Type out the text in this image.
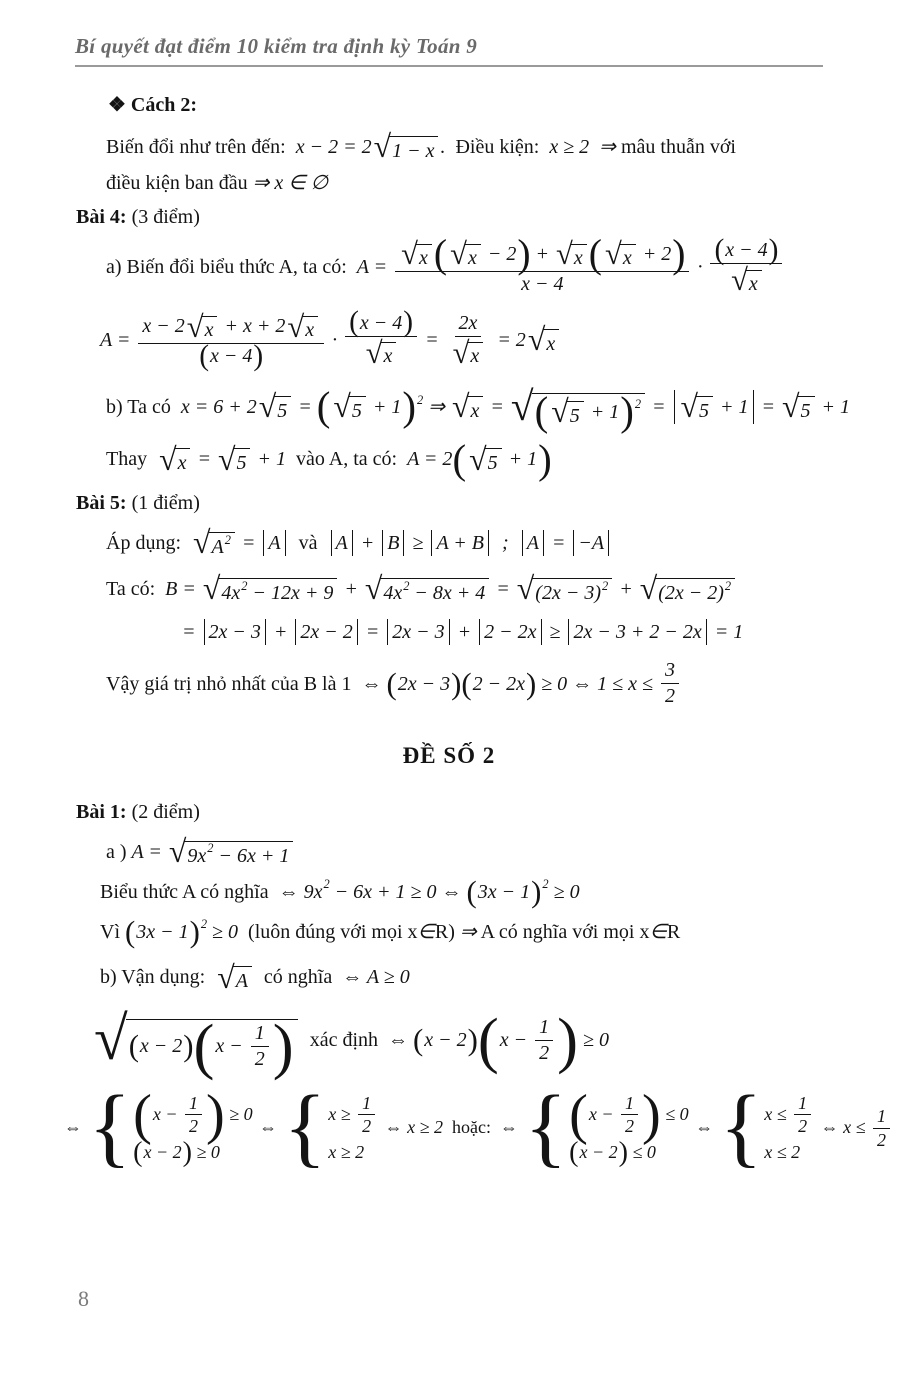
Bí quyết đạt điểm 10 kiểm tra định kỳ Toán 9
❖ Cách 2:
Biến đổi như trên đến: x − 2 = 2 √ 1 − x . Điều kiện: x ≥ 2  ⇒ mâu thuẫn với
điều kiện ban đầu ⇒ x ∈ ∅
Bài 4: (3 điểm)
a) Biến đổi biểu thức A, ta có: $A = \frac{√ x ( √ x - 2 ) + √ x ( √ x + 2 )}{x - 4} \cdot \frac{( x - 4 )}{√ x}$
$A = \frac{x - 2 √ x + x + 2 √ x}{( x - 4 )} \cdot \frac{( x - 4 )}{√ x} = \frac{2x}{√ x} = 2$ √ x
b) Ta có x = 6 + 2 √ 5 = ( √ 5 + 1 ) 2 ⇒ √ x = √ ( √ 5 + 1 ) 2 = √ 5 + 1 = √ 5 + 1
Thay √ x = √ 5 + 1 vào A, ta có: A = 2 ( √ 5 + 1 )
Bài 5: (1 điểm)
Áp dụng: √ A 2 = A và A + B ≥ A + B ; A = −A
Ta có: B = √ 4x 2 − 12x + 9 + √ 4x 2 − 8x + 4 = √ (2x − 3) 2 + √ (2x − 2) 2
= 2x − 3 + 2x − 2 = 2x − 3 + 2 − 2x ≥ 2x − 3 + 2 − 2x = 1
Vậy giá trị nhỏ nhất của B là 1 ⇔ ( 2x − 3 ) ( 2 − 2x ) ≥ 0 ⇔ $1 \le x \le \frac{3}{2}$
ĐỀ SỐ 2
Bài 1: (2 điểm)
a ) A = √ 9x 2 − 6x + 1
Biểu thức A có nghĩa ⇔ 9x 2 − 6x + 1 ≥ 0 ⇔ ( 3x − 1 ) 2 ≥ 0
Vì ( 3x − 1 ) 2 ≥ 0 (luôn đúng với mọi x ∈ R) ⇒ A có nghĩa với mọi x ∈ R
b) Vận dụng: √ A có nghĩa ⇔ A ≥ 0
√ ( x − 2 ) ( $x - \frac{1}{2}$ ) xác định ⇔ ( x − 2 ) ( $x - \frac{1}{2}$ ) ≥ 0
⇔ { ( $x - \frac{1}{2}$ ) ≥ 0
( x − 2 ) ≥ 0
⇔ { $x \ge \frac{1}{2}$
x ≥ 2
⇔ x ≥ 2 hoặc: ⇔ { ( $x - \frac{1}{2}$ ) ≤ 0
( x − 2 ) ≤ 0
⇔ { $x \le \frac{1}{2}$
x ≤ 2
⇔ $x \le \frac{1}{2}$
8
